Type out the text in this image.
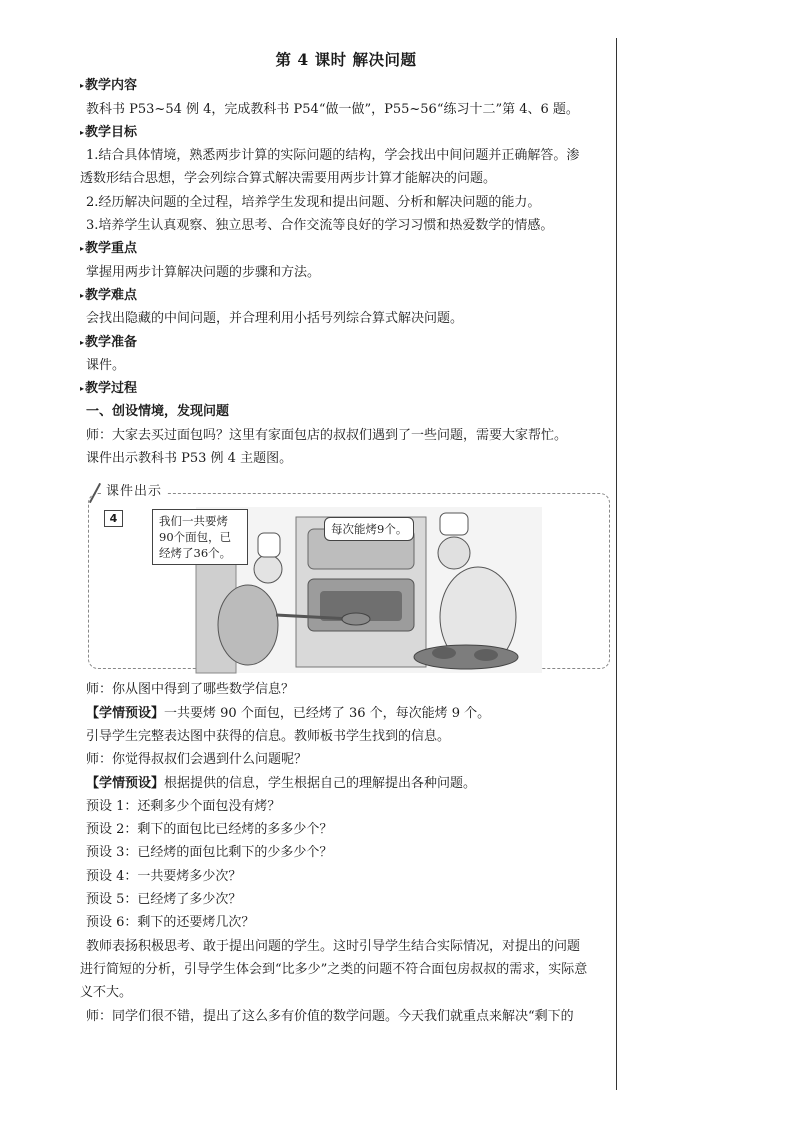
第 4 课时 解决问题
▸ 教学内容
教科书 P53~54 例 4，完成教科书 P54“做一做”，P55~56“练习十二”第 4、6 题。
▸ 教学目标
1.结合具体情境，熟悉两步计算的实际问题的结构，学会找出中间问题并正确解答。渗
透数形结合思想，学会列综合算式解决需要用两步计算才能解决的问题。
2.经历解决问题的全过程，培养学生发现和提出问题、分析和解决问题的能力。
3.培养学生认真观察、独立思考、合作交流等良好的学习习惯和热爱数学的情感。
▸ 教学重点
掌握用两步计算解决问题的步骤和方法。
▸ 教学难点
会找出隐藏的中间问题，并合理利用小括号列综合算式解决问题。
▸ 教学准备
课件。
▸ 教学过程
一、创设情境，发现问题
师：大家去买过面包吗？这里有家面包店的叔叔们遇到了一些问题，需要大家帮忙。
课件出示教科书 P53 例 4 主题图。
课件出示
4	我们一共要烤
90个面包，已
经烤了36个。
每次能烤9个。
师：你从图中得到了哪些数学信息？
【学情预设】一共要烤 90 个面包，已经烤了 36 个，每次能烤 9 个。
引导学生完整表达图中获得的信息。教师板书学生找到的信息。
师：你觉得叔叔们会遇到什么问题呢？
【学情预设】根据提供的信息，学生根据自己的理解提出各种问题。
预设 1：还剩多少个面包没有烤？
预设 2：剩下的面包比已经烤的多多少个？
预设 3：已经烤的面包比剩下的少多少个？
预设 4：一共要烤多少次？
预设 5：已经烤了多少次？
预设 6：剩下的还要烤几次？
教师表扬积极思考、敢于提出问题的学生。这时引导学生结合实际情况，对提出的问题
进行简短的分析，引导学生体会到“比多少”之类的问题不符合面包房叔叔的需求，实际意
义不大。
师：同学们很不错，提出了这么多有价值的数学问题。今天我们就重点来解决“剩下的
